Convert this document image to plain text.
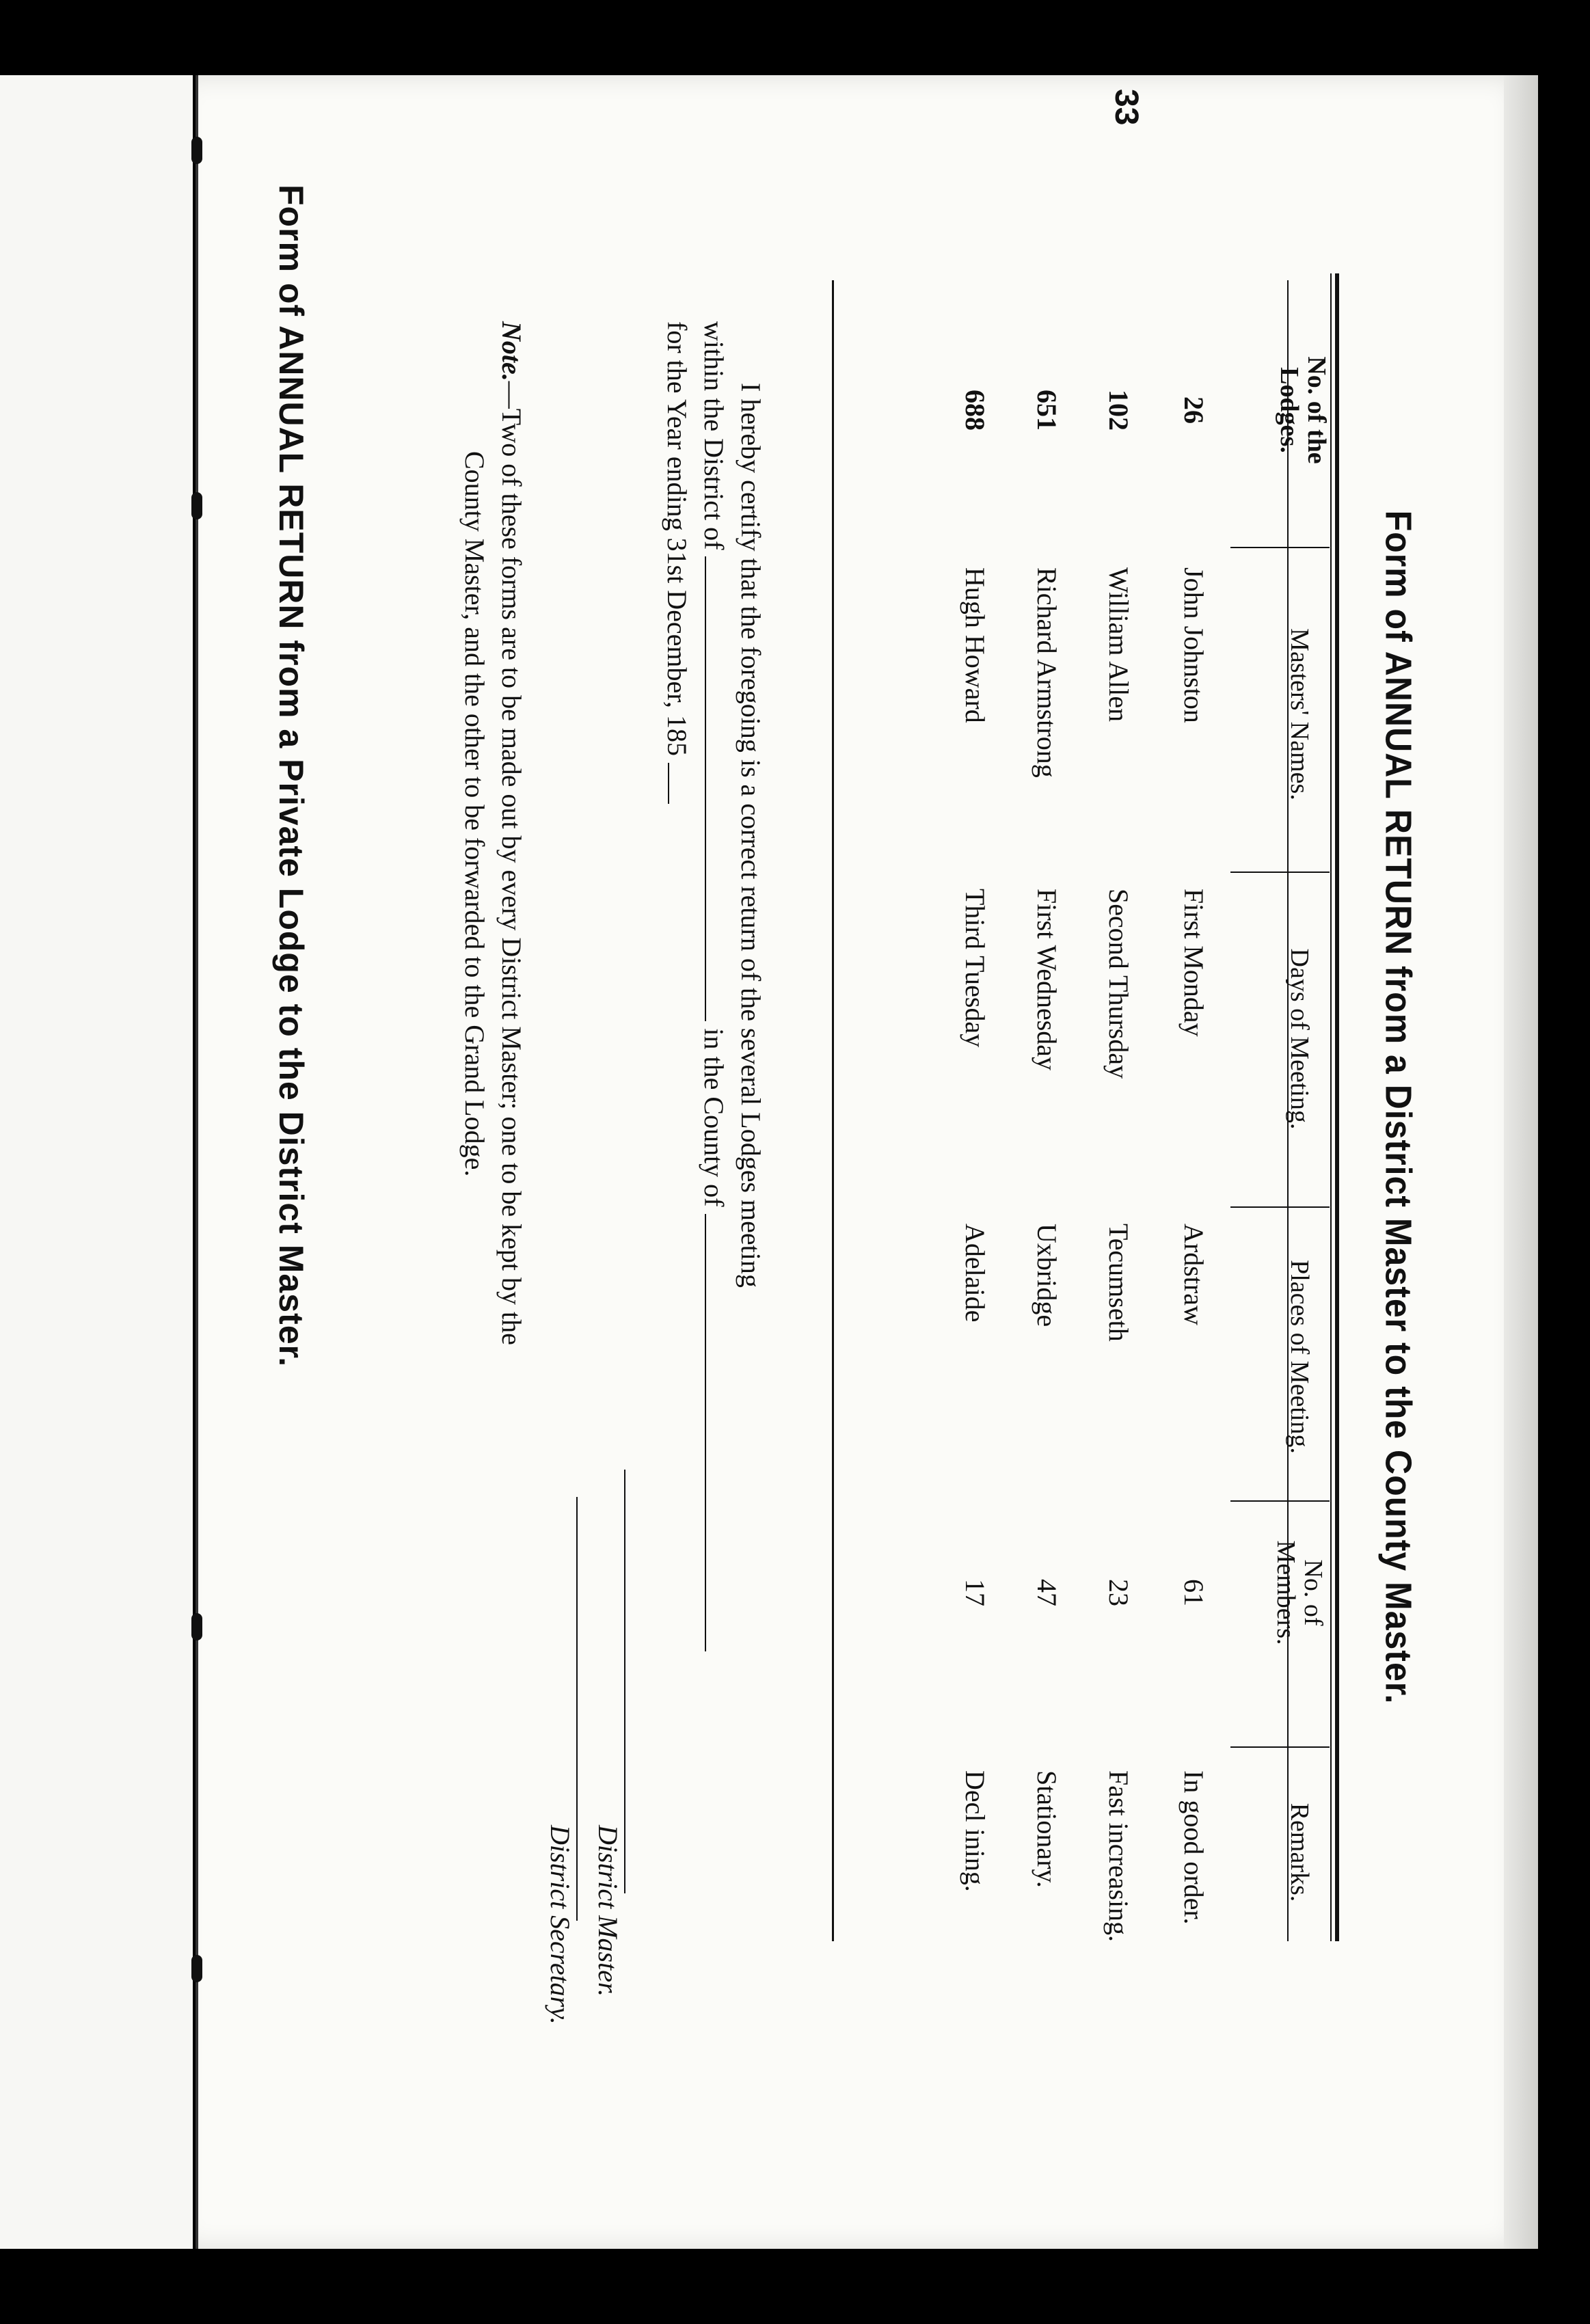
33
Form of ANNUAL RETURN from a District Master to the County Master.
No. of the Lodges.
Masters' Names.
Days of Meeting.
Places of Meeting.
No. of Members.
Remarks.
26
John Johnston
First Monday
Ardstraw
61
In good order.
102
William Allen
Second Thursday
Tecumseth
23
Fast increasing.
651
Richard Armstrong
First Wednesday
Uxbridge
47
Stationary.
688
Hugh Howard
Third Tuesday
Adelaide
17
Decl ining.
I hereby certify that the foregoing is a correct return of the several Lodges meeting
within the District of  in the County of
for the Year ending 31st December, 185
District Master.
District Secretary.
Note.—Two of these forms are to be made out by every District Master; one to be kept by the
County Master, and the other to be forwarded to the Grand Lodge.
Form of ANNUAL RETURN from a Private Lodge to the District Master.
